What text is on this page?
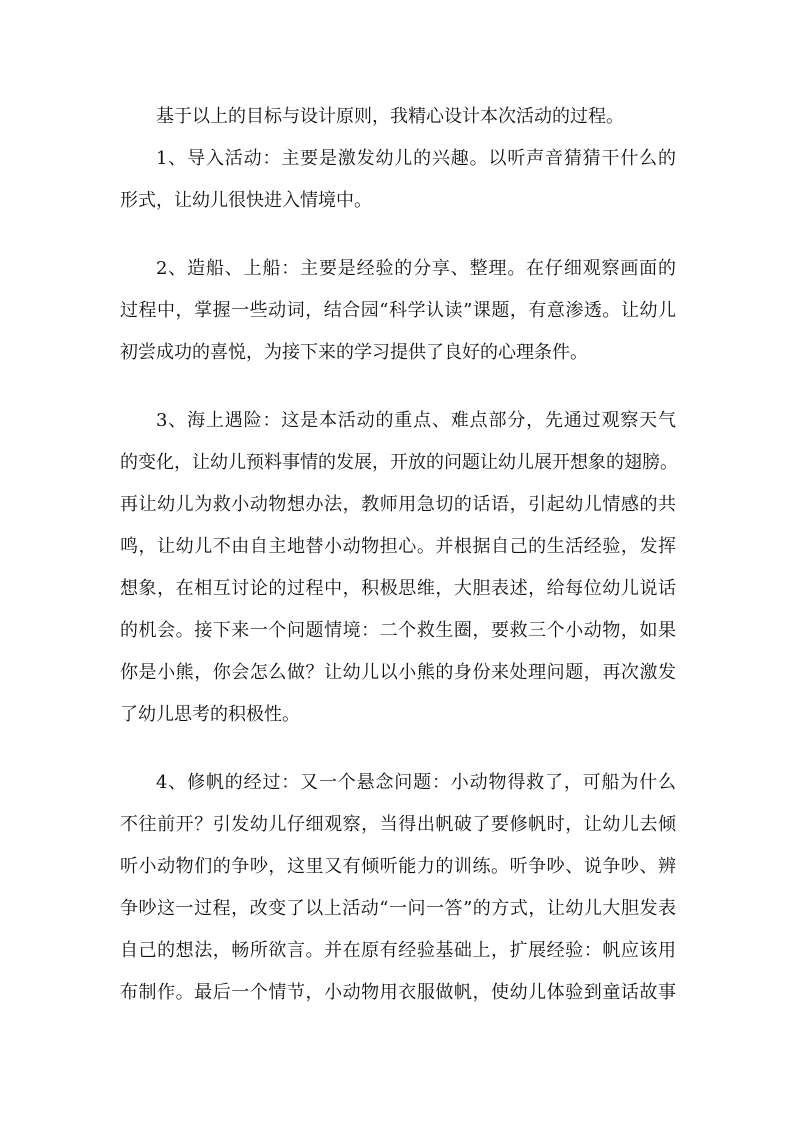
基于以上的目标与设计原则，我精心设计本次活动的过程。
1、导入活动：主要是激发幼儿的兴趣。以听声音猜猜干什么的
形式，让幼儿很快进入情境中。
2、造船、上船：主要是经验的分享、整理。在仔细观察画面的
过程中，掌握一些动词，结合园“科学认读”课题，有意渗透。让幼儿
初尝成功的喜悦，为接下来的学习提供了良好的心理条件。
3、海上遇险：这是本活动的重点、难点部分，先通过观察天气
的变化，让幼儿预料事情的发展，开放的问题让幼儿展开想象的翅膀。
再让幼儿为救小动物想办法，教师用急切的话语，引起幼儿情感的共
鸣，让幼儿不由自主地替小动物担心。并根据自己的生活经验，发挥
想象，在相互讨论的过程中，积极思维，大胆表述，给每位幼儿说话
的机会。接下来一个问题情境：二个救生圈，要救三个小动物，如果
你是小熊，你会怎么做？让幼儿以小熊的身份来处理问题，再次激发
了幼儿思考的积极性。
4、修帆的经过：又一个悬念问题：小动物得救了，可船为什么
不往前开？引发幼儿仔细观察，当得出帆破了要修帆时，让幼儿去倾
听小动物们的争吵，这里又有倾听能力的训练。听争吵、说争吵、辨
争吵这一过程，改变了以上活动“一问一答”的方式，让幼儿大胆发表
自己的想法，畅所欲言。并在原有经验基础上，扩展经验：帆应该用
布制作。最后一个情节，小动物用衣服做帆，使幼儿体验到童话故事
